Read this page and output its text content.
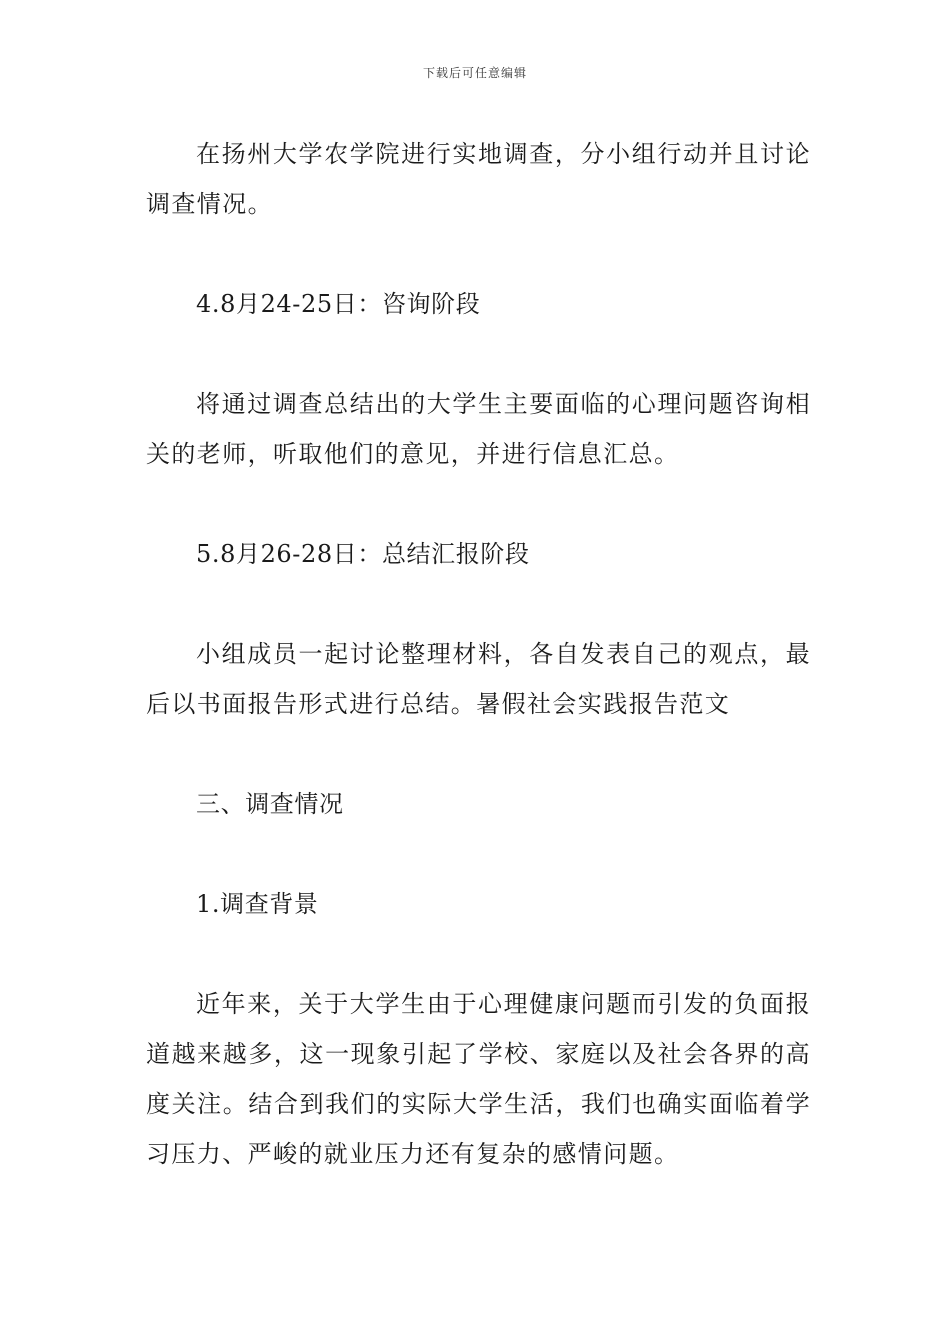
下载后可任意编辑

在扬州大学农学院进行实地调查，分小组行动并且讨论调查情况。

4.8月24-25日：咨询阶段

将通过调查总结出的大学生主要面临的心理问题咨询相关的老师，听取他们的意见，并进行信息汇总。

5.8月26-28日：总结汇报阶段

小组成员一起讨论整理材料，各自发表自己的观点，最后以书面报告形式进行总结。暑假社会实践报告范文

三、调查情况

1.调查背景

近年来，关于大学生由于心理健康问题而引发的负面报道越来越多，这一现象引起了学校、家庭以及社会各界的高度关注。结合到我们的实际大学生活，我们也确实面临着学习压力、严峻的就业压力还有复杂的感情问题。
